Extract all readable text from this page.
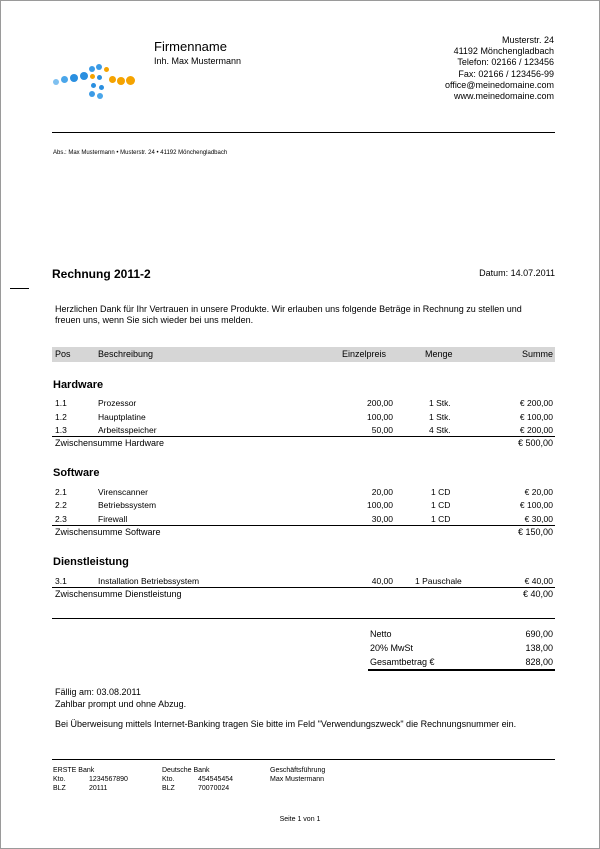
Firmenname
Inh. Max Mustermann
Musterstr. 24
41192 Mönchengladbach
Telefon: 02166 / 123456
Fax: 02166 / 123456-99
office@meinedomaine.com
www.meinedomaine.com
Abs.: Max Mustermann • Musterstr. 24 • 41192 Mönchengladbach
Rechnung 2011-2	Datum: 14.07.2011
Herzlichen Dank für Ihr Vertrauen in unsere Produkte. Wir erlauben uns folgende Beträge in Rechnung zu stellen und
freuen uns, wenn Sie sich wieder bei uns melden.
Pos	Beschreibung	Einzelpreis	Menge	Summe
Hardware
1.1	Prozessor	200,00	1 Stk.	€ 200,00
1.2	Hauptplatine	100,00	1 Stk.	€ 100,00
1.3	Arbeitsspeicher	50,00	4 Stk.	€ 200,00
Zwischensumme Hardware	€ 500,00
Software
2.1	Virenscanner	20,00	1 CD	€ 20,00
2.2	Betriebssystem	100,00	1 CD	€ 100,00
2.3	Firewall	30,00	1 CD	€ 30,00
Zwischensumme Software	€ 150,00
Dienstleistung
3.1	Installation Betriebssystem	40,00	1 Pauschale	€ 40,00
Zwischensumme Dienstleistung	€ 40,00
Netto	690,00
20% MwSt	138,00
Gesamtbetrag €	828,00
Fällig am: 03.08.2011
Zahlbar prompt und ohne Abzug.
Bei Überweisung mittels Internet-Banking tragen Sie bitte im Feld "Verwendungszweck" die Rechnungsnummer ein.
ERSTE Bank
Kto.	1234567890
BLZ	20111
Deutsche Bank
Kto.	454545454
BLZ	70070024
Geschäftsführung
Max Mustermann
Seite 1 von 1
